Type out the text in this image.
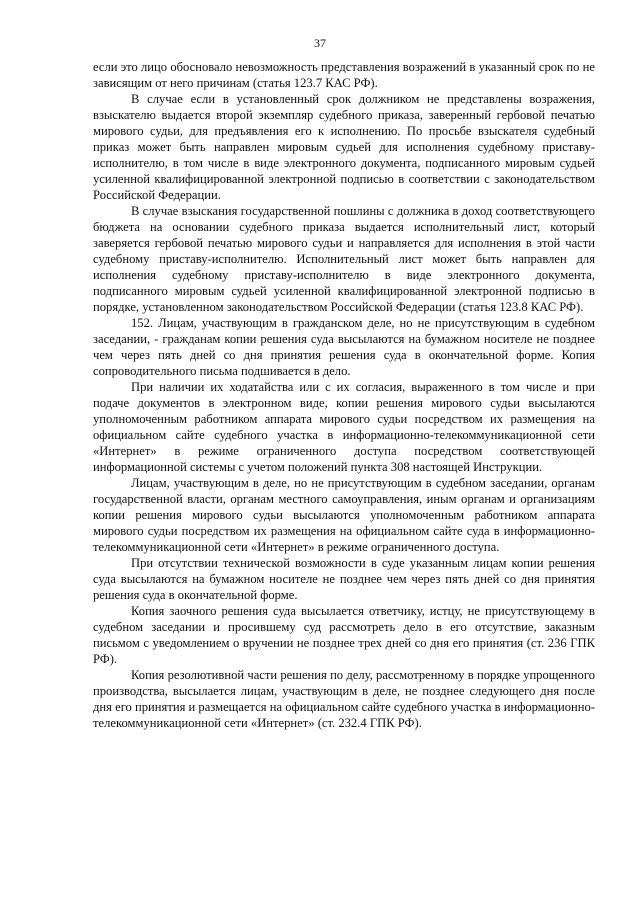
37

если это лицо обосновало невозможность представления возражений в указанный срок по не зависящим от него причинам (статья 123.7 КАС РФ).

В случае если в установленный срок должником не представлены возражения, взыскателю выдается второй экземпляр судебного приказа, заверенный гербовой печатью мирового судьи, для предъявления его к исполнению. По просьбе взыскателя судебный приказ может быть направлен мировым судьей для исполнения судебному приставу-исполнителю, в том числе в виде электронного документа, подписанного мировым судьей усиленной квалифицированной электронной подписью в соответствии с законодательством Российской Федерации.

В случае взыскания государственной пошлины с должника в доход соответствующего бюджета на основании судебного приказа выдается исполнительный лист, который заверяется гербовой печатью мирового судьи и направляется для исполнения в этой части судебному приставу-исполнителю. Исполнительный лист может быть направлен для исполнения судебному приставу-исполнителю в виде электронного документа, подписанного мировым судьей усиленной квалифицированной электронной подписью в порядке, установленном законодательством Российской Федерации (статья 123.8 КАС РФ).

152. Лицам, участвующим в гражданском деле, но не присутствующим в судебном заседании, - гражданам копии решения суда высылаются на бумажном носителе не позднее чем через пять дней со дня принятия решения суда в окончательной форме. Копия сопроводительного письма подшивается в дело.

При наличии их ходатайства или с их согласия, выраженного в том числе и при подаче документов в электронном виде, копии решения мирового судьи высылаются уполномоченным работником аппарата мирового судьи посредством их размещения на официальном сайте судебного участка в информационно-телекоммуникационной сети «Интернет» в режиме ограниченного доступа посредством соответствующей информационной системы с учетом положений пункта 308 настоящей Инструкции.

Лицам, участвующим в деле, но не присутствующим в судебном заседании, органам государственной власти, органам местного самоуправления, иным органам и организациям копии решения мирового судьи высылаются уполномоченным работником аппарата мирового судьи посредством их размещения на официальном сайте суда в информационно-телекоммуникационной сети «Интернет» в режиме ограниченного доступа.

При отсутствии технической возможности в суде указанным лицам копии решения суда высылаются на бумажном носителе не позднее чем через пять дней со дня принятия решения суда в окончательной форме.

Копия заочного решения суда высылается ответчику, истцу, не присутствующему в судебном заседании и просившему суд рассмотреть дело в его отсутствие, заказным письмом с уведомлением о вручении не позднее трех дней со дня его принятия (ст. 236 ГПК РФ).

Копия резолютивной части решения по делу, рассмотренному в порядке упрощенного производства, высылается лицам, участвующим в деле, не позднее следующего дня после дня его принятия и размещается на официальном сайте судебного участка в информационно-телекоммуникационной сети «Интернет» (ст. 232.4 ГПК РФ).
